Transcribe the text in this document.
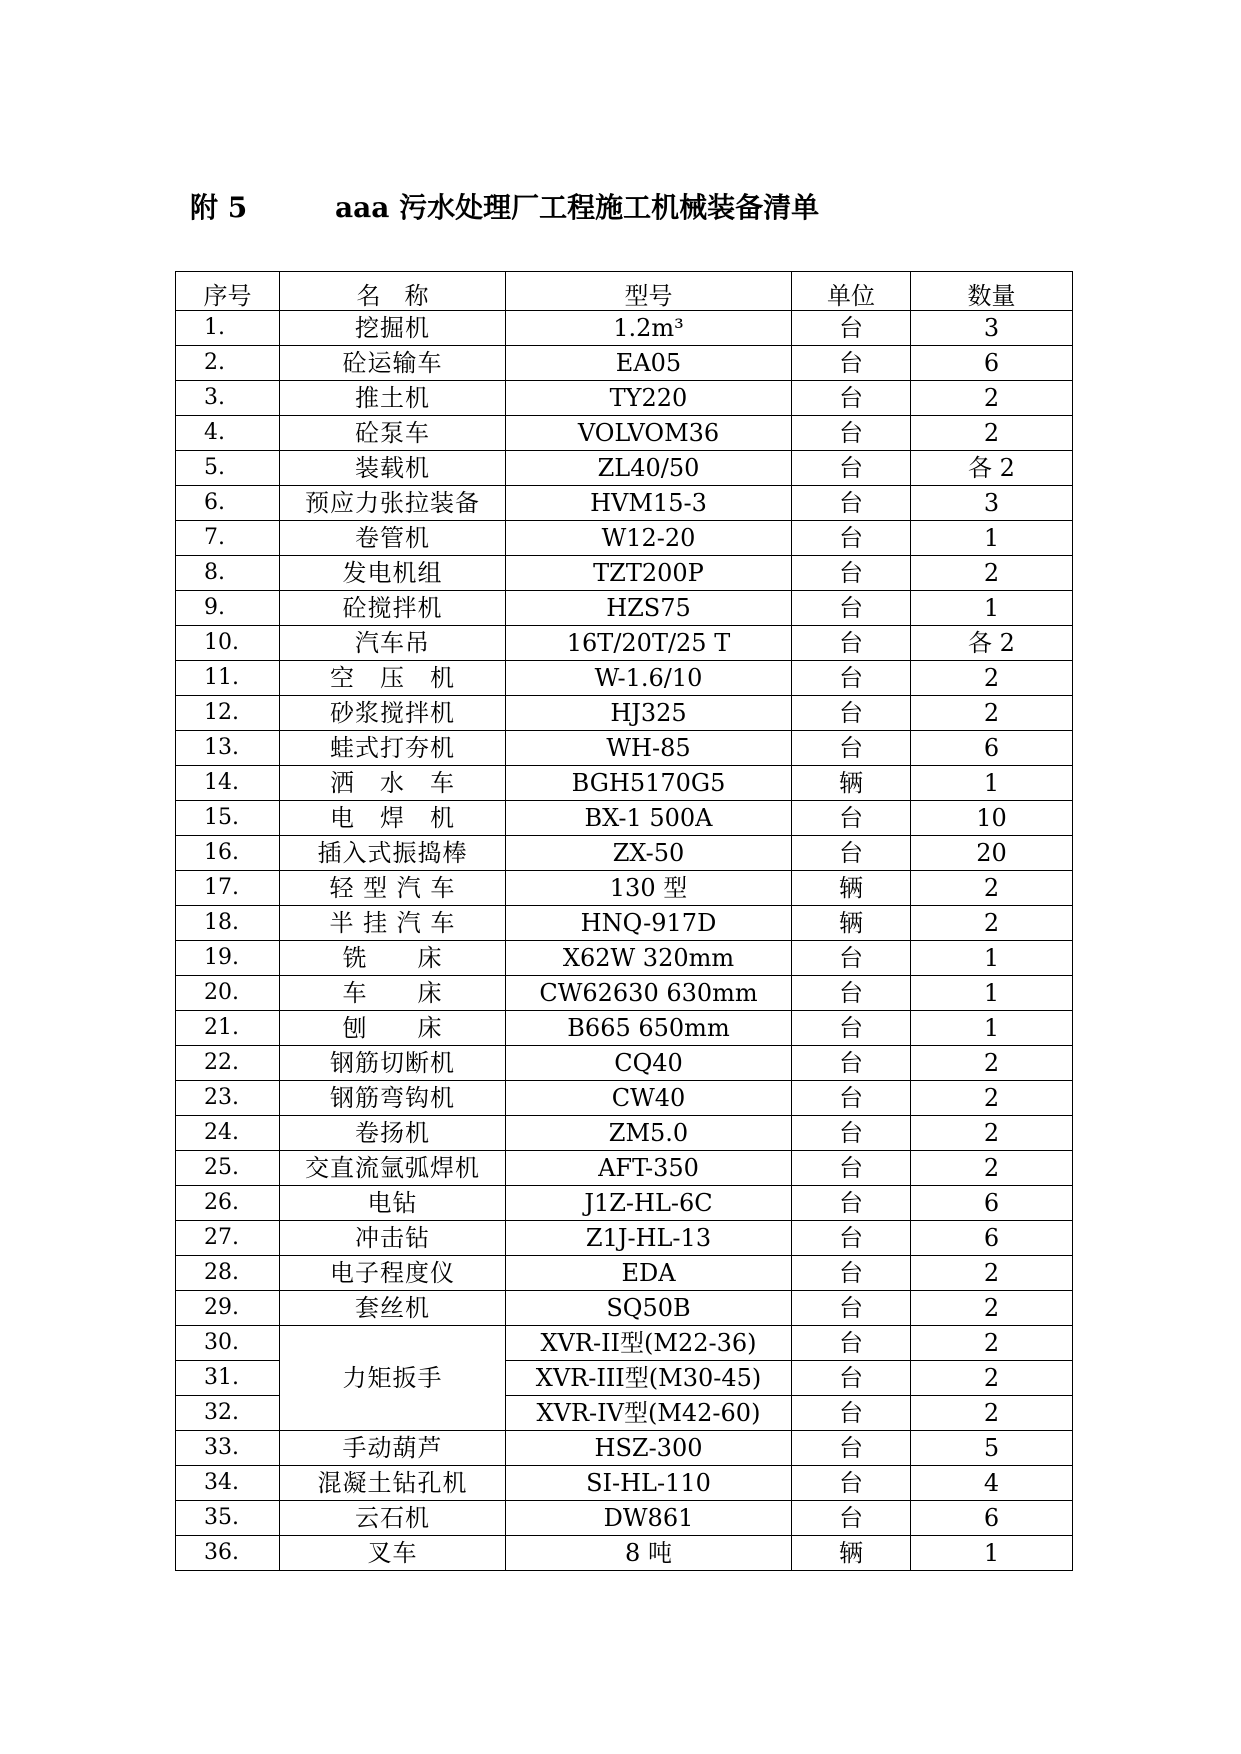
附 5	aaa 污水处理厂工程施工机械装备清单
序号	名　称	型号	单位	数量
1.	挖掘机	1.2m³	台	3
2.	砼运输车	EA05	台	6
3.	推土机	TY220	台	2
4.	砼泵车	VOLVOM36	台	2
5.	装载机	ZL40/50	台	各 2
6.	预应力张拉装备	HVM15-3	台	3
7.	卷管机	W12-20	台	1
8.	发电机组	TZT200P	台	2
9.	砼搅拌机	HZS75	台	1
10.	汽车吊	16T/20T/25 T	台	各 2
11.	空　压　机	W-1.6/10	台	2
12.	砂浆搅拌机	HJ325	台	2
13.	蛙式打夯机	WH-85	台	6
14.	洒　水　车	BGH5170G5	辆	1
15.	电　焊　机	BX-1 500A	台	10
16.	插入式振捣棒	ZX-50	台	20
17.	轻 型 汽 车	130 型	辆	2
18.	半 挂 汽 车	HNQ-917D	辆	2
19.	铣　　床	X62W 320mm	台	1
20.	车　　床	CW62630 630mm	台	1
21.	刨　　床	B665 650mm	台	1
22.	钢筋切断机	CQ40	台	2
23.	钢筋弯钩机	CW40	台	2
24.	卷扬机	ZM5.0	台	2
25.	交直流氩弧焊机	AFT-350	台	2
26.	电钻	J1Z-HL-6C	台	6
27.	冲击钻	Z1J-HL-13	台	6
28.	电子程度仪	EDA	台	2
29.	套丝机	SQ50B	台	2
30.	力矩扳手	XVR-II型(M22-36)	台	2
31.		XVR-III型(M30-45)	台	2
32.		XVR-IV型(M42-60)	台	2
33.	手动葫芦	HSZ-300	台	5
34.	混凝土钻孔机	SI-HL-110	台	4
35.	云石机	DW861	台	6
36.	叉车	8 吨	辆	1
